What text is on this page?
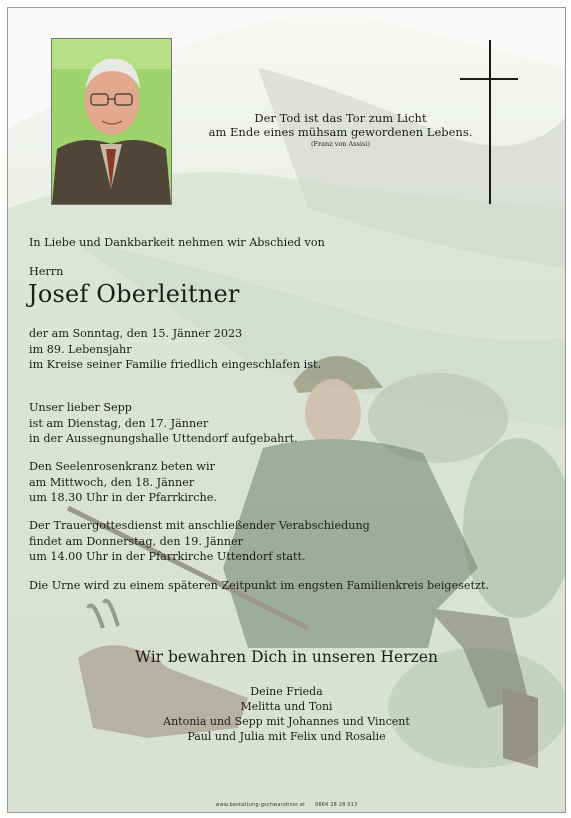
Der Tod ist das Tor zum Licht
am Ende eines mühsam gewordenen Lebens.
(Franz von Assisi)
In Liebe und Dankbarkeit nehmen wir Abschied von
Herrn
Josef Oberleitner
der am Sonntag, den 15. Jänner 2023
im 89. Lebensjahr
im Kreise seiner Familie friedlich eingeschlafen ist.
Unser lieber Sepp
ist am Dienstag, den 17. Jänner
in der Aussegnungshalle Uttendorf aufgebahrt.
Den Seelenrosenkranz beten wir
am Mittwoch, den 18. Jänner
um 18.30 Uhr in der Pfarrkirche.
Der Trauergottesdienst mit anschließender Verabschiedung
findet am Donnerstag, den 19. Jänner
um 14.00 Uhr in der Pfarrkirche Uttendorf statt.
Die Urne wird zu einem späteren Zeitpunkt im engsten Familienkreis beigesetzt.
Wir bewahren Dich in unseren Herzen
Deine Frieda
Melitta und Toni
Antonia und Sepp mit Johannes und Vincent
Paul und Julia mit Felix und Rosalie
www.bestattung-gschwandtner.at 0664 28 28 013
